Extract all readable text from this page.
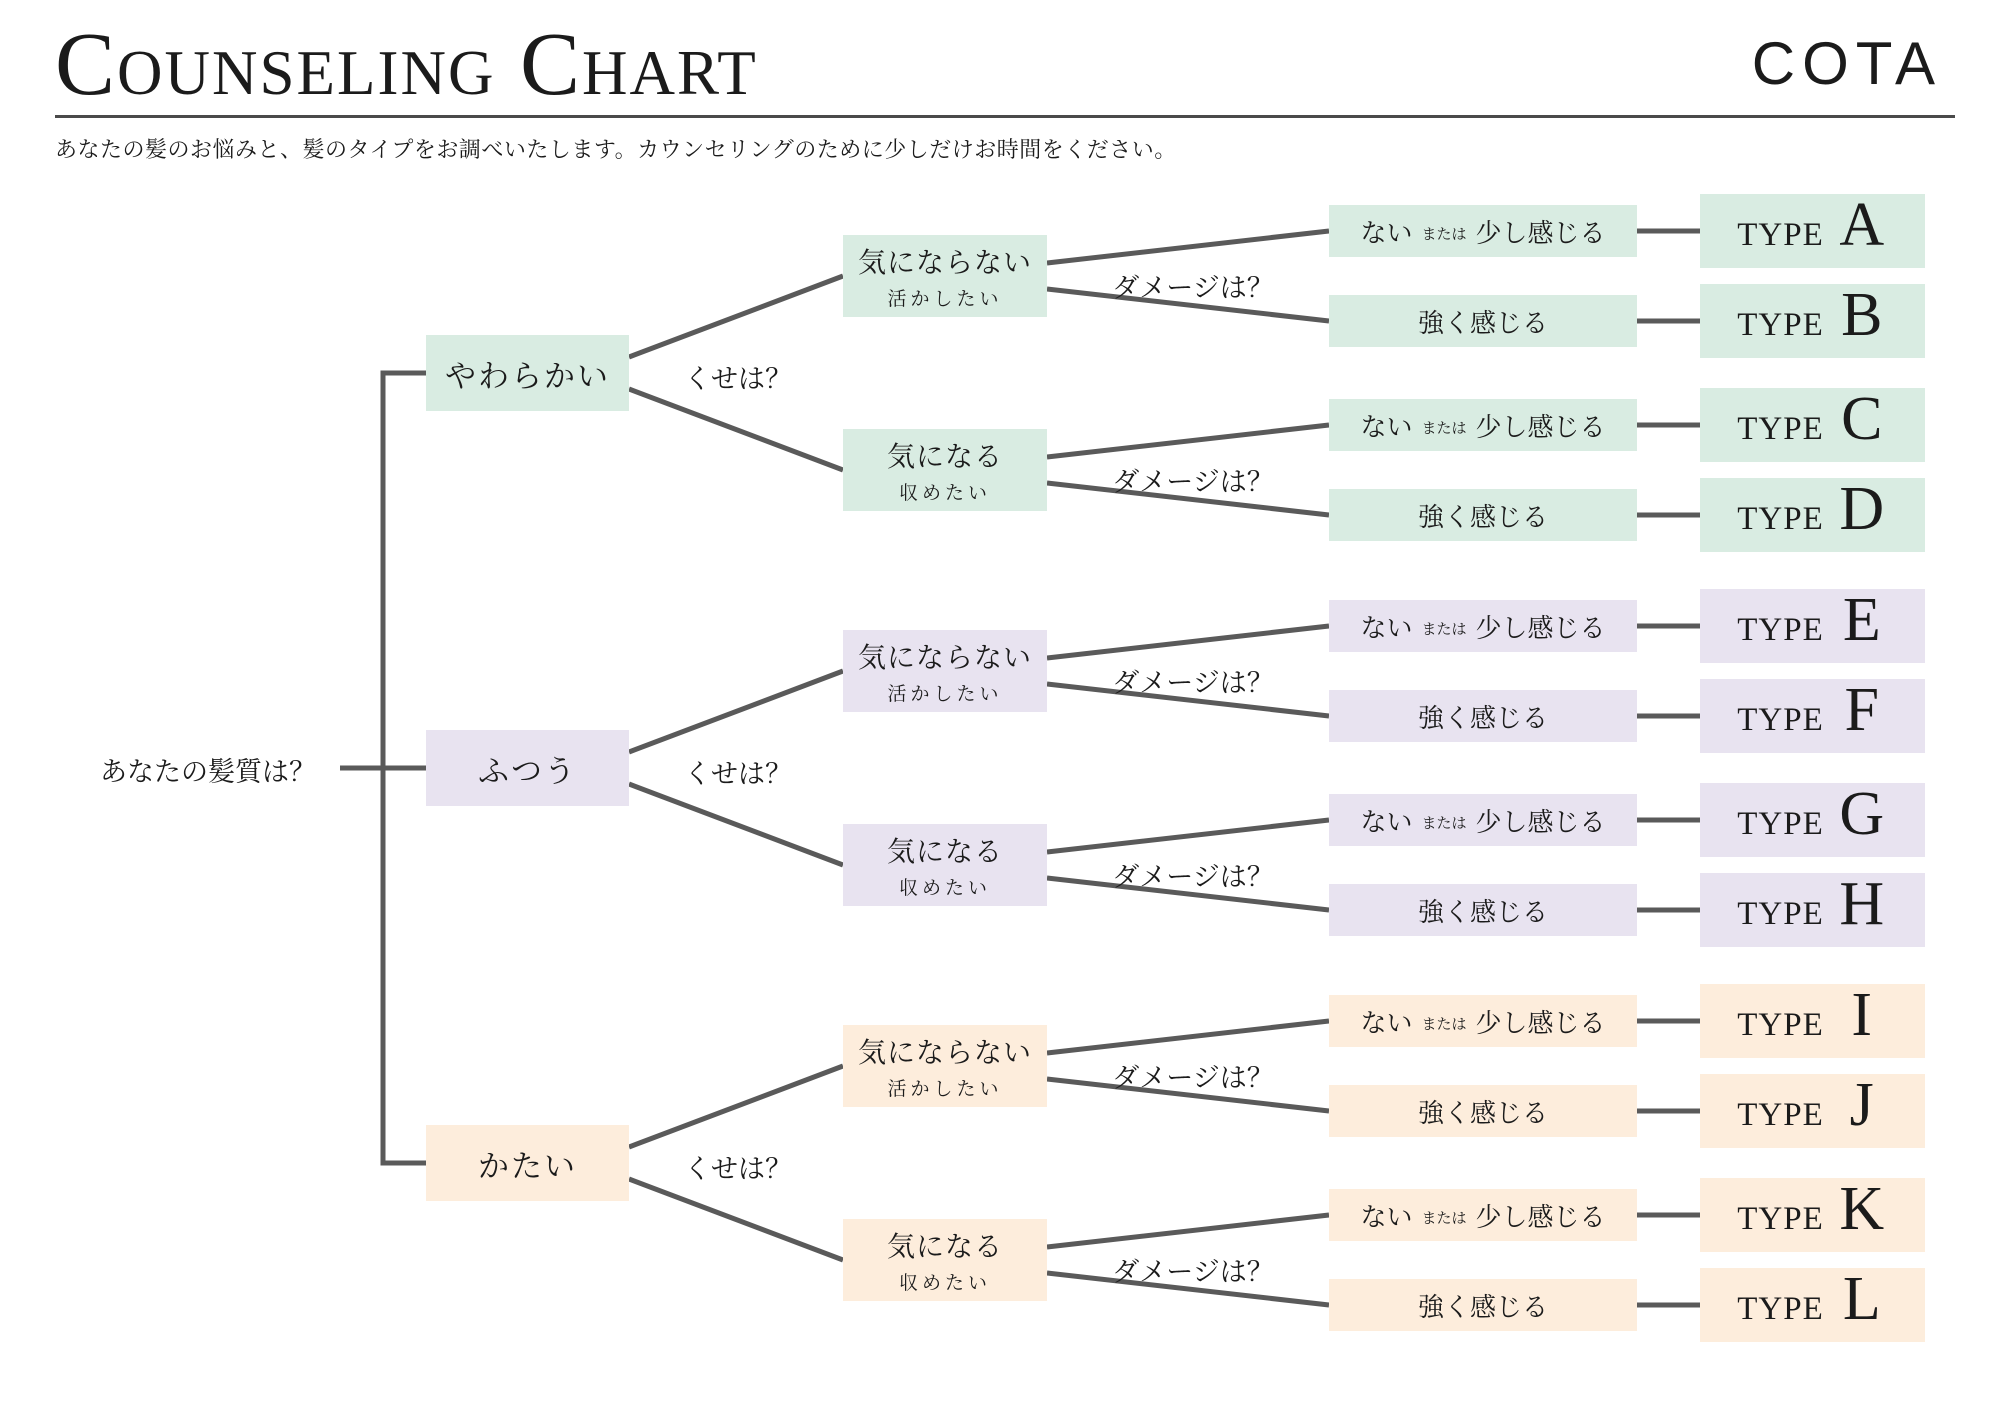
Counseling Chart	COTA
あなたの髪のお悩みと、髪のタイプをお調べいたします。カウンセリングのために少しだけお時間をください。
あなたの髪質は？
やわらかい	くせは？
気にならない
活かしたい	ダメージは？
気になる
収めたい	ダメージは？
ない または 少し感じる	TYPE A
強く感じる	TYPE B
ない または 少し感じる	TYPE C
強く感じる	TYPE D
ふつう	くせは？
気にならない
活かしたい	ダメージは？
気になる
収めたい	ダメージは？
ない または 少し感じる	TYPE E
強く感じる	TYPE F
ない または 少し感じる	TYPE G
強く感じる	TYPE H
かたい	くせは？
気にならない
活かしたい	ダメージは？
気になる
収めたい	ダメージは？
ない または 少し感じる	TYPE I
強く感じる	TYPE J
ない または 少し感じる	TYPE K
強く感じる	TYPE L
